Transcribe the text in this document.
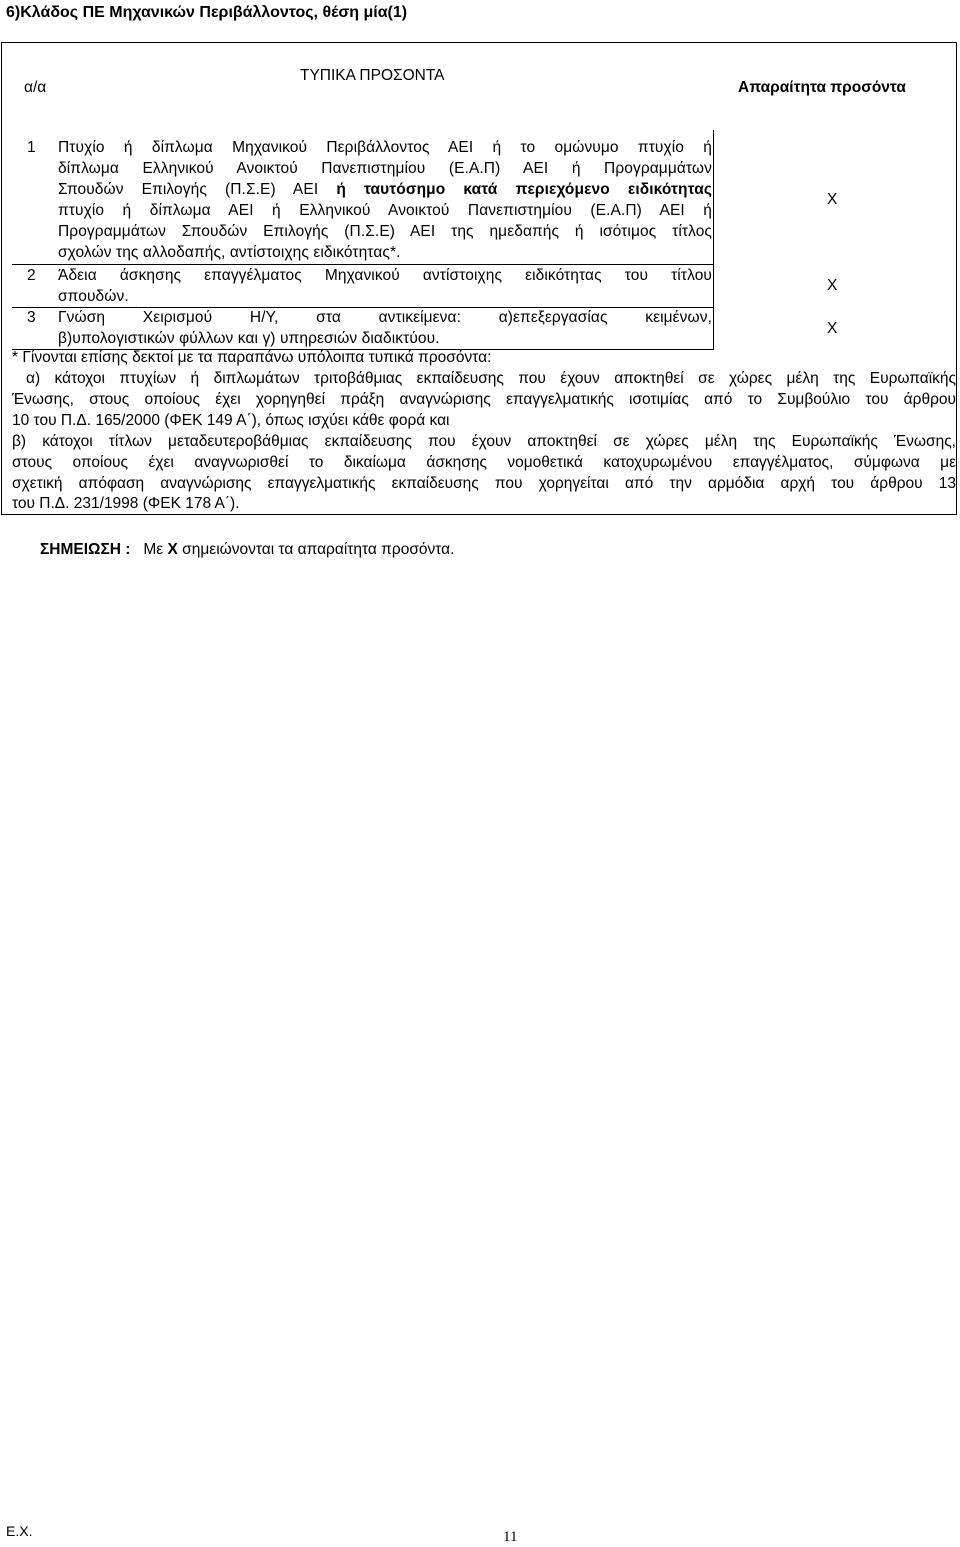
6)Κλάδος ΠΕ Μηχανικών Περιβάλλοντος, θέση μία(1)
α/α
ΤΥΠΙΚΑ ΠΡΟΣΟΝΤΑ
Απαραίτητα προσόντα
1 Πτυχίο ή δίπλωμα Μηχανικού Περιβάλλοντος ΑΕΙ ή το ομώνυμο πτυχίο ή
δίπλωμα Ελληνικού Ανοικτού Πανεπιστημίου (Ε.Α.Π) ΑΕΙ ή Προγραμμάτων
Σπουδών Επιλογής (Π.Σ.Ε) ΑΕΙ ή ταυτόσημο κατά περιεχόμενο ειδικότητας
πτυχίο ή δίπλωμα ΑΕΙ ή Ελληνικού Ανοικτού Πανεπιστημίου (Ε.Α.Π) ΑΕΙ ή
Προγραμμάτων Σπουδών Επιλογής (Π.Σ.Ε) ΑΕΙ της ημεδαπής ή ισότιμος τίτλος
σχολών της αλλοδαπής, αντίστοιχης ειδικότητας*.
X
2 Άδεια άσκησης επαγγέλματος Μηχανικού αντίστοιχης ειδικότητας του τίτλου
σπουδών.
X
3 Γνώση Χειρισμού Η/Υ, στα αντικείμενα: α)επεξεργασίας κειμένων,
β)υπολογιστικών φύλλων και γ) υπηρεσιών διαδικτύου.
X
* Γίνονται επίσης δεκτοί με τα παραπάνω υπόλοιπα τυπικά προσόντα:
α) κάτοχοι πτυχίων ή διπλωμάτων τριτοβάθμιας εκπαίδευσης που έχουν αποκτηθεί σε χώρες μέλη της Ευρωπαϊκής
Ένωσης, στους οποίους έχει χορηγηθεί πράξη αναγνώρισης επαγγελματικής ισοτιμίας από το Συμβούλιο του άρθρου
10 του Π.Δ. 165/2000 (ΦΕΚ 149 Α΄), όπως ισχύει κάθε φορά και
β) κάτοχοι τίτλων μεταδευτεροβάθμιας εκπαίδευσης που έχουν αποκτηθεί σε χώρες μέλη της Ευρωπαϊκής Ένωσης,
στους οποίους έχει αναγνωρισθεί το δικαίωμα άσκησης νομοθετικά κατοχυρωμένου επαγγέλματος, σύμφωνα με
σχετική απόφαση αναγνώρισης επαγγελματικής εκπαίδευσης που χορηγείται από την αρμόδια αρχή του άρθρου 13
του Π.Δ. 231/1998 (ΦΕΚ 178 Α΄).
ΣΗΜΕΙΩΣΗ : Με X σημειώνονται τα απαραίτητα προσόντα.
Ε.Χ.	11
